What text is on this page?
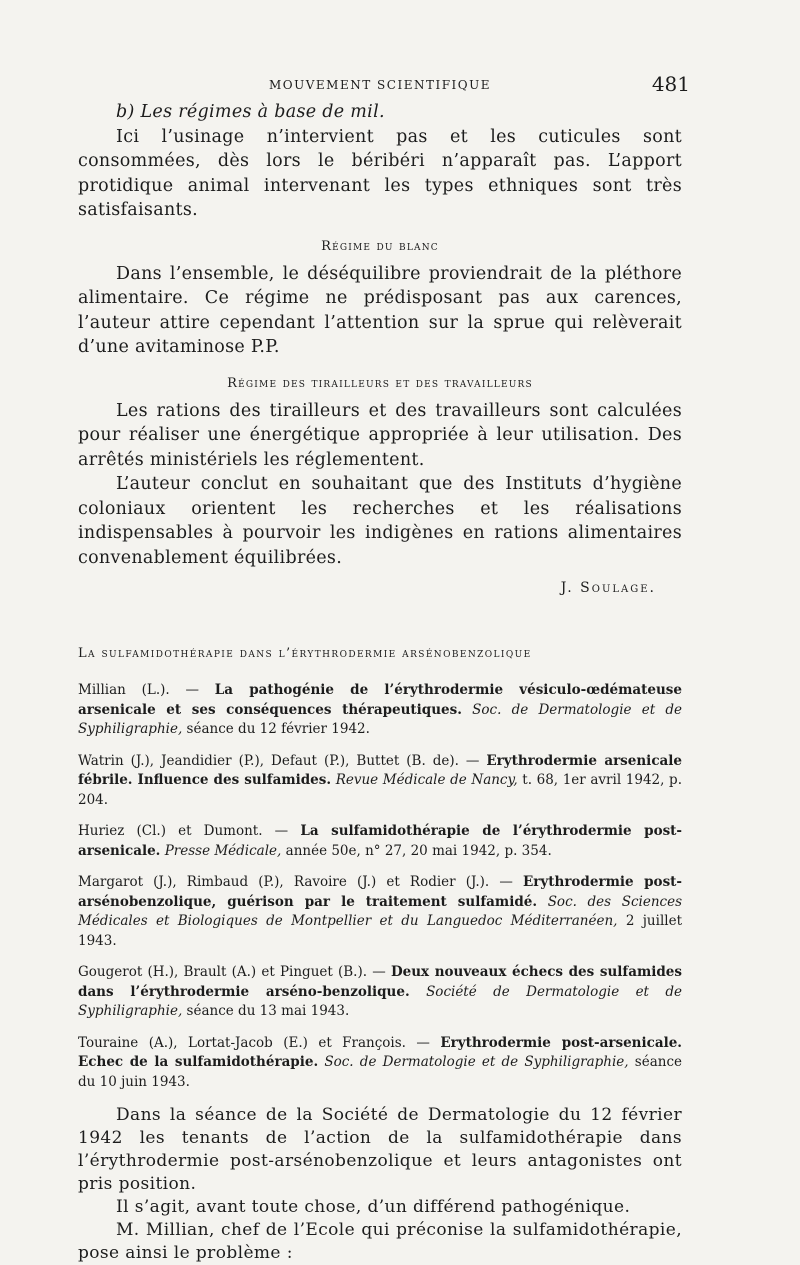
MOUVEMENT SCIENTIFIQUE	481

b) Les régimes à base de mil.

Ici l’usinage n’intervient pas et les cuticules sont consommées, dès lors le béribéri n’apparaît pas. L’apport protidique animal intervenant les types ethniques sont très satisfaisants.

Régime du blanc

Dans l’ensemble, le déséquilibre proviendrait de la pléthore alimentaire. Ce régime ne prédisposant pas aux carences, l’auteur attire cependant l’attention sur la sprue qui relèverait d’une avitaminose P.P.

Régime des tirailleurs et des travailleurs

Les rations des tirailleurs et des travailleurs sont calculées pour réaliser une énergétique appropriée à leur utilisation. Des arrêtés ministériels les réglementent.

L’auteur conclut en souhaitant que des Instituts d’hygiène coloniaux orientent les recherches et les réalisations indispensables à pourvoir les indigènes en rations alimentaires convenablement équilibrées.

J. Soulage.
La sulfamidothérapie dans l’érythrodermie arsénobenzolique

Millian (L.). — La pathogénie de l’érythrodermie vésiculo-œdémateuse arsenicale et ses conséquences thérapeutiques. Soc. de Dermatologie et de Syphiligraphie, séance du 12 février 1942.

Watrin (J.), Jeandidier (P.), Defaut (P.), Buttet (B. de). — Erythrodermie arsenicale fébrile. Influence des sulfamides. Revue Médicale de Nancy, t. 68, 1er avril 1942, p. 204.

Huriez (Cl.) et Dumont. — La sulfamidothérapie de l’érythrodermie post-arsenicale. Presse Médicale, année 50e, n° 27, 20 mai 1942, p. 354.

Margarot (J.), Rimbaud (P.), Ravoire (J.) et Rodier (J.). — Erythrodermie post-arsénobenzolique, guérison par le traitement sulfamidé. Soc. des Sciences Médicales et Biologiques de Montpellier et du Languedoc Méditerranéen, 2 juillet 1943.

Gougerot (H.), Brault (A.) et Pinguet (B.). — Deux nouveaux échecs des sulfamides dans l’érythrodermie arséno-benzolique. Société de Dermatologie et de Syphiligraphie, séance du 13 mai 1943.

Touraine (A.), Lortat-Jacob (E.) et François. — Erythrodermie post-arsenicale. Echec de la sulfamidothérapie. Soc. de Dermatologie et de Syphiligraphie, séance du 10 juin 1943.

Dans la séance de la Société de Dermatologie du 12 février 1942 les tenants de l’action de la sulfamidothérapie dans l’érythrodermie post-arsénobenzolique et leurs antagonistes ont pris position.

Il s’agit, avant toute chose, d’un différend pathogénique.

M. Millian, chef de l’Ecole qui préconise la sulfamidothérapie, pose ainsi le problème :
